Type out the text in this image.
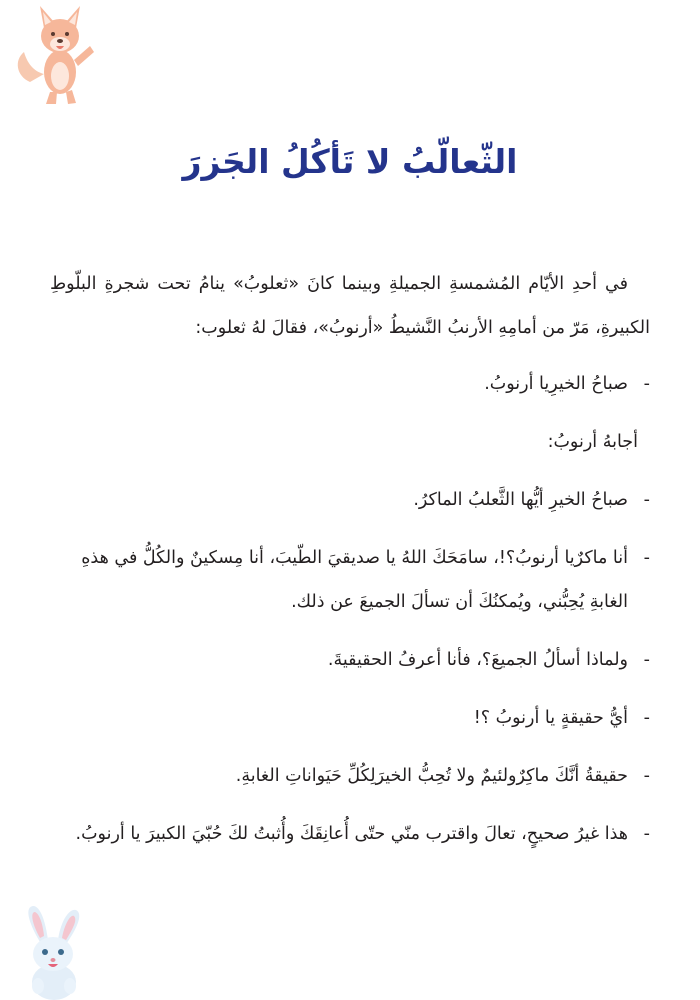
الثّعالّبُ لا تَأكُلُ الجَزرَ

في أحدِ الأيّام المُشمسةِ الجميلةِ وبينما كانَ «ثعلوبُ» ينامُ تحت شجرةِ البلّوطِ الكبيرةِ، مَرّ من أمامِهِ الأرنبُ النَّشيطُ «أرنوبُ»، فقالَ لهُ ثعلوب:

-
صباحُ الخيرِيا أرنوبُ.

أجابهُ أرنوبُ:

-
صباحُ الخيرِ أيُّها الثَّعلبُ الماكرُ.

-
أنا ماكرٌيا أرنوبُ؟!، سامَحَكَ اللهُ يا صديقيَ الطّيبَ، أنا مِسكينٌ والكُلُّ في هذهِ الغابةِ يُحِبُّني، ويُمكنُكَ أن تسألَ الجميعَ عن ذلك.

-
ولماذا أسألُ الجميعَ؟، فأنا أعرفُ الحقيقيةَ.

-
أيُّ حقيقةٍ يا أرنوبُ ؟!

-
حقيقةُ أنَّكَ ماكِرٌولئيمٌ ولا تُحِبُّ الخيرَلِكُلِّ حَيَواناتِ الغابةِ.

-
هذا غيرُ صحيحٍ، تعالَ واقترب منّي حتّى أُعانِقَكَ وأُثبتُ لكَ حُبّيَ الكبيرَ يا أرنوبُ.
